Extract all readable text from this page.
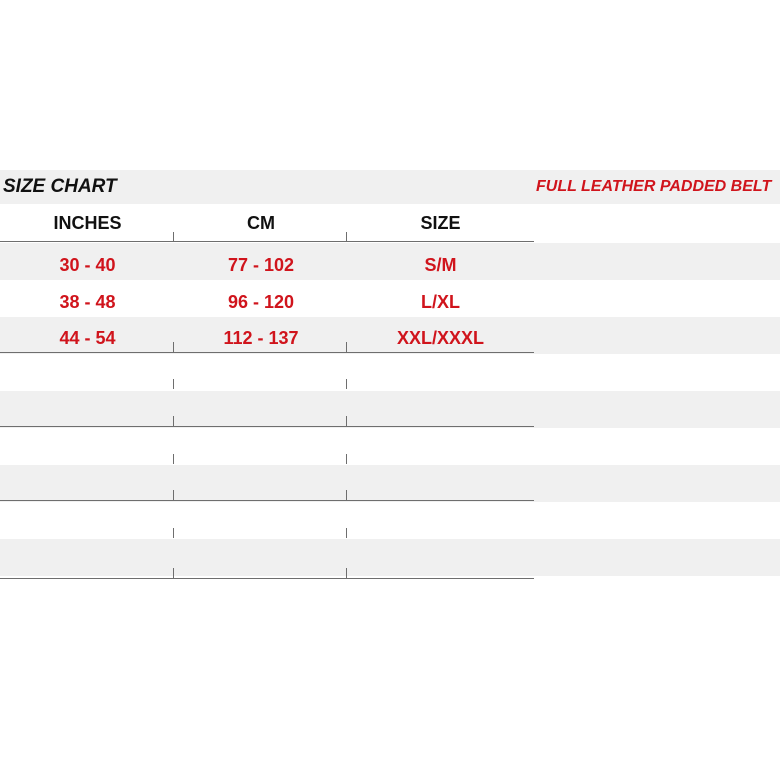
SIZE CHART	FULL LEATHER PADDED BELT
INCHES	CM	SIZE
30 - 40	77 - 102	S/M
38 - 48	96 - 120	L/XL
44 - 54	112 - 137	XXL/XXXL
